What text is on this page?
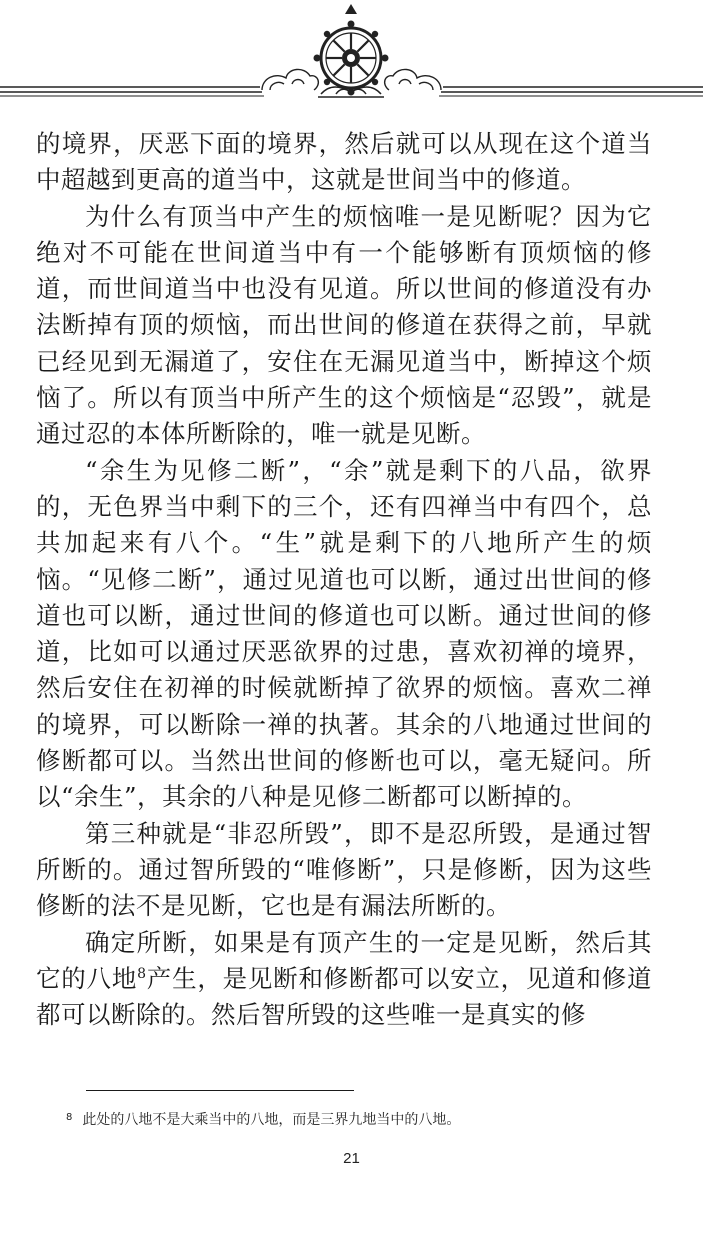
的境界，厌恶下面的境界，然后就可以从现在这个道当中超越到更高的道当中，这就是世间当中的修道。

为什么有顶当中产生的烦恼唯一是见断呢？因为它绝对不可能在世间道当中有一个能够断有顶烦恼的修道，而世间道当中也没有见道。所以世间的修道没有办法断掉有顶的烦恼，而出世间的修道在获得之前，早就已经见到无漏道了，安住在无漏见道当中，断掉这个烦恼了。所以有顶当中所产生的这个烦恼是“忍毁”，就是通过忍的本体所断除的，唯一就是见断。

“余生为见修二断”，“余”就是剩下的八品，欲界的，无色界当中剩下的三个，还有四禅当中有四个，总共加起来有八个。“生”就是剩下的八地所产生的烦恼。“见修二断”，通过见道也可以断，通过出世间的修道也可以断，通过世间的修道也可以断。通过世间的修道，比如可以通过厌恶欲界的过患，喜欢初禅的境界，然后安住在初禅的时候就断掉了欲界的烦恼。喜欢二禅的境界，可以断除一禅的执著。其余的八地通过世间的修断都可以。当然出世间的修断也可以，毫无疑问。所以“余生”，其余的八种是见修二断都可以断掉的。

第三种就是“非忍所毁”，即不是忍所毁，是通过智所断的。通过智所毁的“唯修断”，只是修断，因为这些修断的法不是见断，它也是有漏法所断的。

确定所断，如果是有顶产生的一定是见断，然后其它的八地$^8$产生，是见断和修断都可以安立，见道和修道都可以断除的。然后智所毁的这些唯一是真实的修

$^8$ 此处的八地不是大乘当中的八地，而是三界九地当中的八地。
21
